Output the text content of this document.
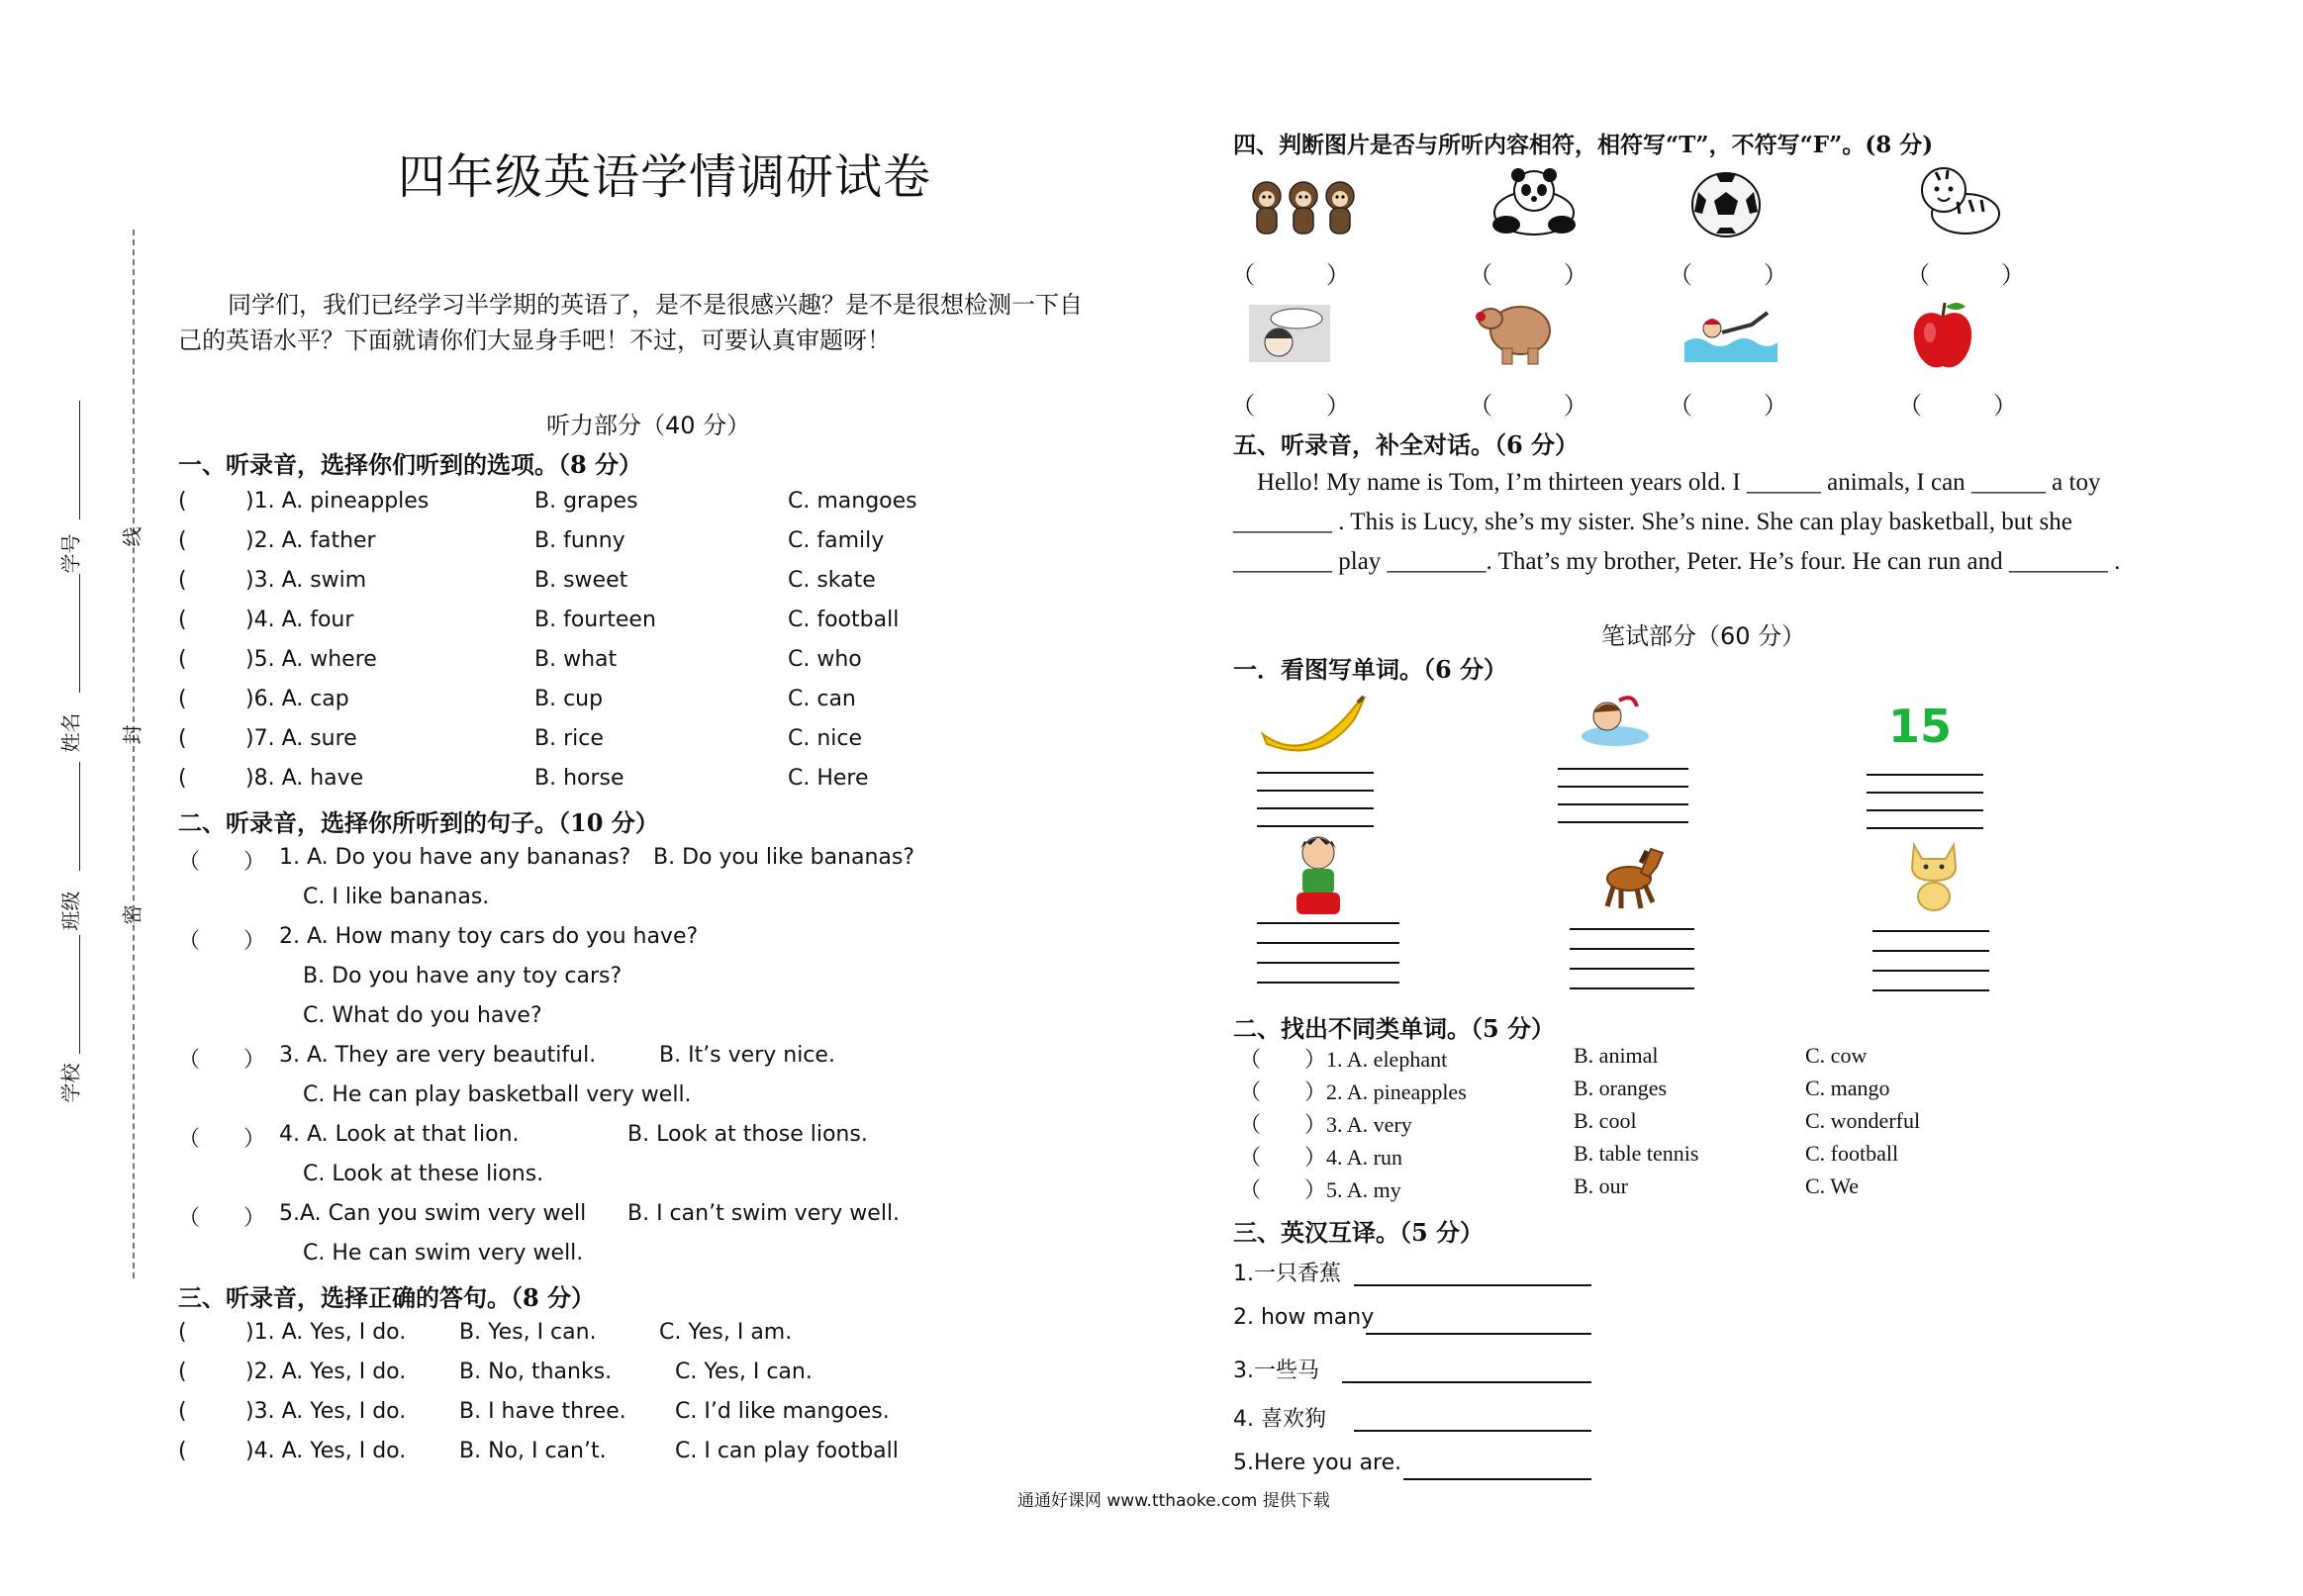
学号
姓名
班级
学校
线
封
密
四年级英语学情调研试卷
同学们，我们已经学习半学期的英语了，是不是很感兴趣？是不是很想检测一下自
己的英语水平？下面就请你们大显身手吧！不过，可要认真审题呀！
听力部分（40 分）
一、听录音，选择你们听到的选项。（8 分）
(	)1. A. pineapples	B. grapes	C. mangoes
(	)2. A. father	B. funny	C. family
(	)3. A. swim	B. sweet	C. skate
(	)4. A. four	B. fourteen	C. football
(	)5. A. where	B. what	C. who
(	)6. A. cap	B. cup	C. can
(	)7. A. sure	B. rice	C. nice
(	)8. A. have	B. horse	C. Here
二、听录音，选择你所听到的句子。（10 分）
（　　） 1. A. Do you have any bananas? B. Do you like bananas?
C. I like bananas.
（　　） 2. A. How many toy cars do you have?
B. Do you have any toy cars?
C. What do you have?
（　　） 3. A. They are very beautiful.	B. It’s very nice.
C. He can play basketball very well.
（　　） 4. A. Look at that lion.	B. Look at those lions.
C. Look at these lions.
（　　） 5.A. Can you swim very well B. I can’t swim very well.
C. He can swim very well.
三、听录音，选择正确的答句。（8 分）
(	)1. A. Yes, I do. B. Yes, I can.	C. Yes, I am.
(	)2. A. Yes, I do. B. No, thanks.	C. Yes, I can.
(	)3. A. Yes, I do. B. I have three. C. I’d like mangoes.
(	)4. A. Yes, I do. B. No, I can’t.	C. I can play football
四、判断图片是否与所听内容相符，相符写“T”，不符写“F”。(8 分)
（　　　）	（　　　）	（　　　）	（　　　）
（　　　）	（　　　）	（　　　）	（　　　）
五、听录音，补全对话。（6 分）
Hello! My name is Tom, I’m thirteen years old. I ______ animals, I can ______ a toy
________ . This is Lucy, she’s my sister. She’s nine. She can play basketball, but she
________ play ________. That’s my brother, Peter. He’s four. He can run and ________ .
笔试部分（60 分）
一．看图写单词。（6 分）
15
二、找出不同类单词。（5 分）
（ ）1. A. elephant	B. animal	C. cow
（ ）2. A. pineapples	B. oranges	C. mango
（ ）3. A. very	B. cool	C. wonderful
（ ）4. A. run	B. table tennis	C. football
（ ）5. A. my	B. our	C. We
三、英汉互译。（5 分）
1.一只香蕉
2. how many
3.一些马
4. 喜欢狗
5.Here you are.
通通好课网 www.tthaoke.com 提供下载
